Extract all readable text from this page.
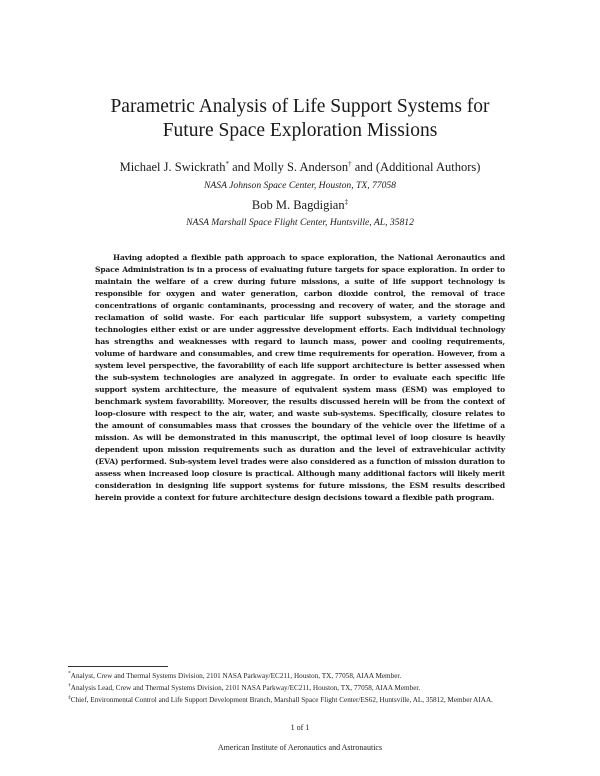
Parametric Analysis of Life Support Systems for
Future Space Exploration Missions
Michael J. Swickrath* and Molly S. Anderson† and (Additional Authors)
NASA Johnson Space Center, Houston, TX, 77058
Bob M. Bagdigian‡
NASA Marshall Space Flight Center, Huntsville, AL, 35812

Having adopted a flexible path approach to space exploration, the National Aeronautics and Space Administration is in a process of evaluating future targets for space exploration. In order to maintain the welfare of a crew during future missions, a suite of life support technology is responsible for oxygen and water generation, carbon dioxide control, the removal of trace concentrations of organic contaminants, processing and recovery of water, and the storage and reclamation of solid waste. For each particular life support subsystem, a variety competing technologies either exist or are under aggressive development efforts. Each individual technology has strengths and weaknesses with regard to launch mass, power and cooling requirements, volume of hardware and consumables, and crew time requirements for operation. However, from a system level perspective, the favorability of each life support architecture is better assessed when the sub-system technologies are analyzed in aggregate. In order to evaluate each specific life support system architecture, the measure of equivalent system mass (ESM) was employed to benchmark system favorability. Moreover, the results discussed herein will be from the context of loop-closure with respect to the air, water, and waste sub-systems. Specifically, closure relates to the amount of consumables mass that crosses the boundary of the vehicle over the lifetime of a mission. As will be demonstrated in this manuscript, the optimal level of loop closure is heavily dependent upon mission requirements such as duration and the level of extravehicular activity (EVA) performed. Sub-system level trades were also considered as a function of mission duration to assess when increased loop closure is practical. Although many additional factors will likely merit consideration in designing life support systems for future missions, the ESM results described herein provide a context for future architecture design decisions toward a flexible path program.

*Analyst, Crew and Thermal Systems Division, 2101 NASA Parkway/EC211, Houston, TX, 77058, AIAA Member.

†Analysis Lead, Crew and Thermal Systems Division, 2101 NASA Parkway/EC211, Houston, TX, 77058, AIAA Member.

‡Chief, Environmental Control and Life Support Development Branch, Marshall Space Flight Center/ES62, Huntsville, AL, 35812, Member AIAA.

1 of 1
American Institute of Aeronautics and Astronautics
